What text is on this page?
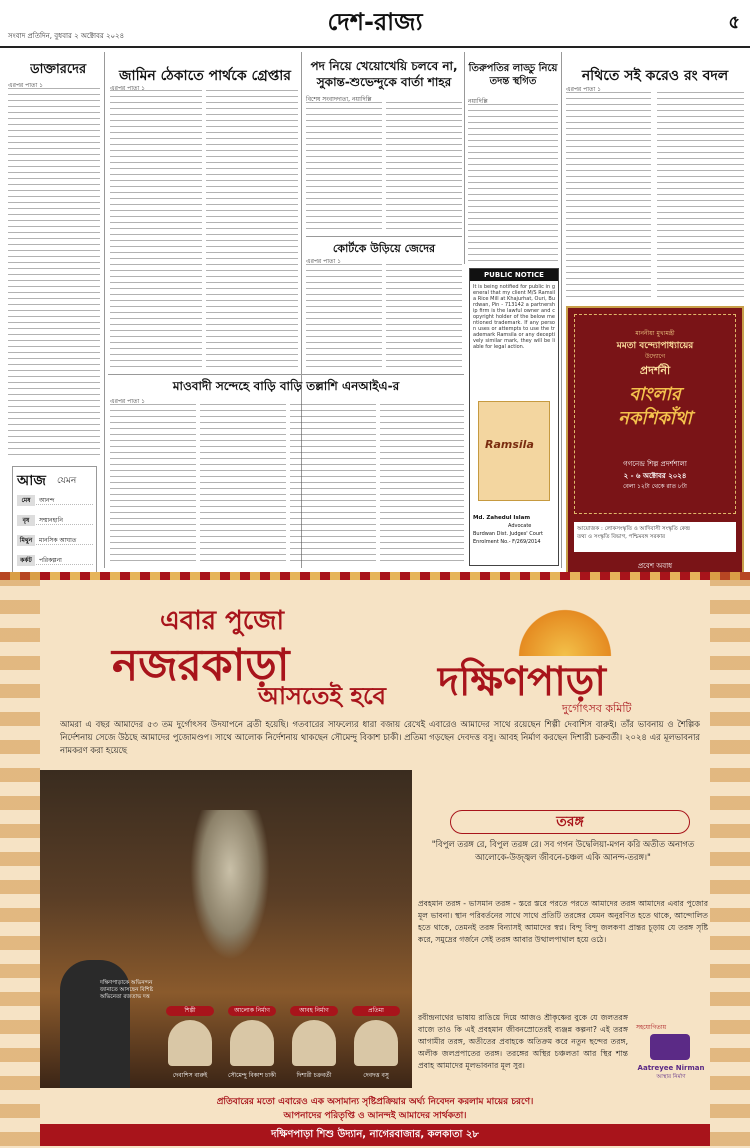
সংবাদ প্রতিদিন, বুধবার ২ অক্টোবর ২০২৪	দেশ-রাজ্য	৫
ডাক্তারদের
এরপর পাতা ১
জামিন ঠেকাতে পার্থকে গ্রেপ্তার
এরপর পাতা ১
পদ নিয়ে খেয়োখেয়ি চলবে না, সুকান্ত-শুভেন্দুকে বার্তা শাহর
বিশেষ সংবাদদাতা, নয়াদিল্লি
তিরুপতির লাড্ডু নিয়ে তদন্ত স্থগিত
নয়াদিল্লি
নথিতে সই করেও রং বদল
এরপর পাতা ১
কোর্টকে উড়িয়ে জেদের
এরপর পাতা ১
মাওবাদী সন্দেহে বাড়ি বাড়ি তল্লাশি এনআইএ-র
এরপর পাতা ১
আজ যেমন
মেষ	আনন্দ
বৃষ	সম্মানহানি
মিথুন	মানসিক আঘাত
কর্কট	পরিকল্পনা
PUBLIC NOTICE
It is being notified for public in general that my client M/S Ramsila Rice Mill at Khajurhat, Ouri, Burdwan, Pin - 713142 a partnership firm is the lawful owner and copyright holder of the below mentioned trademark. If any person uses or attempts to use the trademark Ramsila or any deceptively similar mark, they will be liable for legal action.
Ramsila
Md. Zahedul Islam
Advocate
Burdwan Dist. Judges' Court
Enrolment No.- F/269/2014
মাননীয়া মুখ্যমন্ত্রী
মমতা বন্দ্যোপাধ্যায়ের
উদ্যোগে
প্রদর্শনী
বাংলার
নকশিকাঁথা
গগনেন্দ্র শিল্প প্রদর্শশালা
২ - ৬ অক্টোবর ২০২৪
বেলা ১২টা থেকে রাত ৮টা
আয়োজক : লোকসংস্কৃতি ও আদিবাসী সংস্কৃতি কেন্দ্র
তথ্য ও সংস্কৃতি বিভাগ, পশ্চিমবঙ্গ সরকার
প্রবেশ অবাধ
এবার পুজো
নজরকাড়া
আসতেই হবে দক্ষিণপাড়া
দুর্গোৎসব কমিটি
আমরা এ বছর আমাদের ৫৩ তম দুর্গোৎসব উদযাপনে ব্রতী হয়েছি। গতবারের সাফল্যের ধারা বজায় রেখেই এবারেও আমাদের সাথে রয়েছেন শিল্পী দেবাশিস বারুই। তাঁর ভাবনায় ও শৈল্পিক নির্দেশনায় সেজে উঠছে আমাদের পুজোমণ্ডপ। সাথে আলোক নির্দেশনায় থাকছেন সৌমেন্দু বিকাশ চাকী। প্রতিমা গড়ছেন দেবদত্ত বসু। আবহ নির্মাণ করছেন দিশারী চক্রবর্তী। ২০২৪ এর মূলভাবনার নামকরণ করা হয়েছে
তরঙ্গ
দক্ষিণপাড়াকে অভিনন্দন জানাতে আসছেন বিশিষ্ট অভিনেতা রজতাভ দত্ত
শিল্পী
দেবাশিস বারুই
আলোক নির্মাণ
সৌমেন্দু বিকাশ চাকী
আবহ নির্মাণ
দিশারী চক্রবর্তী
প্রতিমা
দেবদত্ত বসু
"বিপুল তরঙ্গ রে, বিপুল তরঙ্গ রে। সব গগন উদ্বেলিয়া-মগন করি অতীত অনাগত আলোকে-উজ্জ্বল জীবনে-চঞ্চল একি আনন্দ-তরঙ্গ।"
প্রবহমান তরঙ্গ - ভাসমান তরঙ্গ - স্তরে স্তরে পরতে পরতে আমাদের তরঙ্গ আমাদের এবার পুজোর মূল ভাবনা। স্থান পরিবর্তনের সাথে সাথে প্রতিটি তরঙ্গের যেমন অনুরণিত হতে থাকে, আন্দোলিত হতে থাকে, তেমনই তরঙ্গ বিন্যাসই আমাদের স্বপ্ন। বিন্দু বিন্দু জলকণা প্রান্তর চূড়ায় যে তরঙ্গ সৃষ্টি করে, সমুদ্রের গর্জনে সেই তরঙ্গ আবার উত্থালপাথাল হয়ে ওঠে।
রবীন্দ্রনাথের ভাষায় রাঙিয়ে দিয়ে আজও শ্রীকৃষ্ণের বুকে যে জলতরঙ্গ বাজে তাও কি এই প্রবহমান জীবনস্রোতেরই ব্যঞ্জন্ন কল্পনা? এই তরঙ্গ আগামীর তরঙ্গ, অতীতের প্রবাহকে অতিক্রম করে নতুন ছন্দের তরঙ্গ, অলীক জলপ্রপাতের তরঙ্গ। তরঙ্গের অস্থির চঞ্চলতা আর স্থির শান্ত প্রবাহ আমাদের মূলভাবনার মূল সুর।
সহযোগিতায়
Aatreyee Nirman
আস্থার নির্মাণ
প্রতিবারের মতো এবারেও এক অসামান্য সৃষ্টিপ্রক্রিয়ার অর্ঘ্য নিবেদন করলাম মায়ের চরণে।
আপনাদের পরিতৃপ্তি ও আনন্দই আমাদের সার্থকতা।
দক্ষিণপাড়া শিশু উদ্যান, নাগেরবাজার, কলকাতা ২৮
